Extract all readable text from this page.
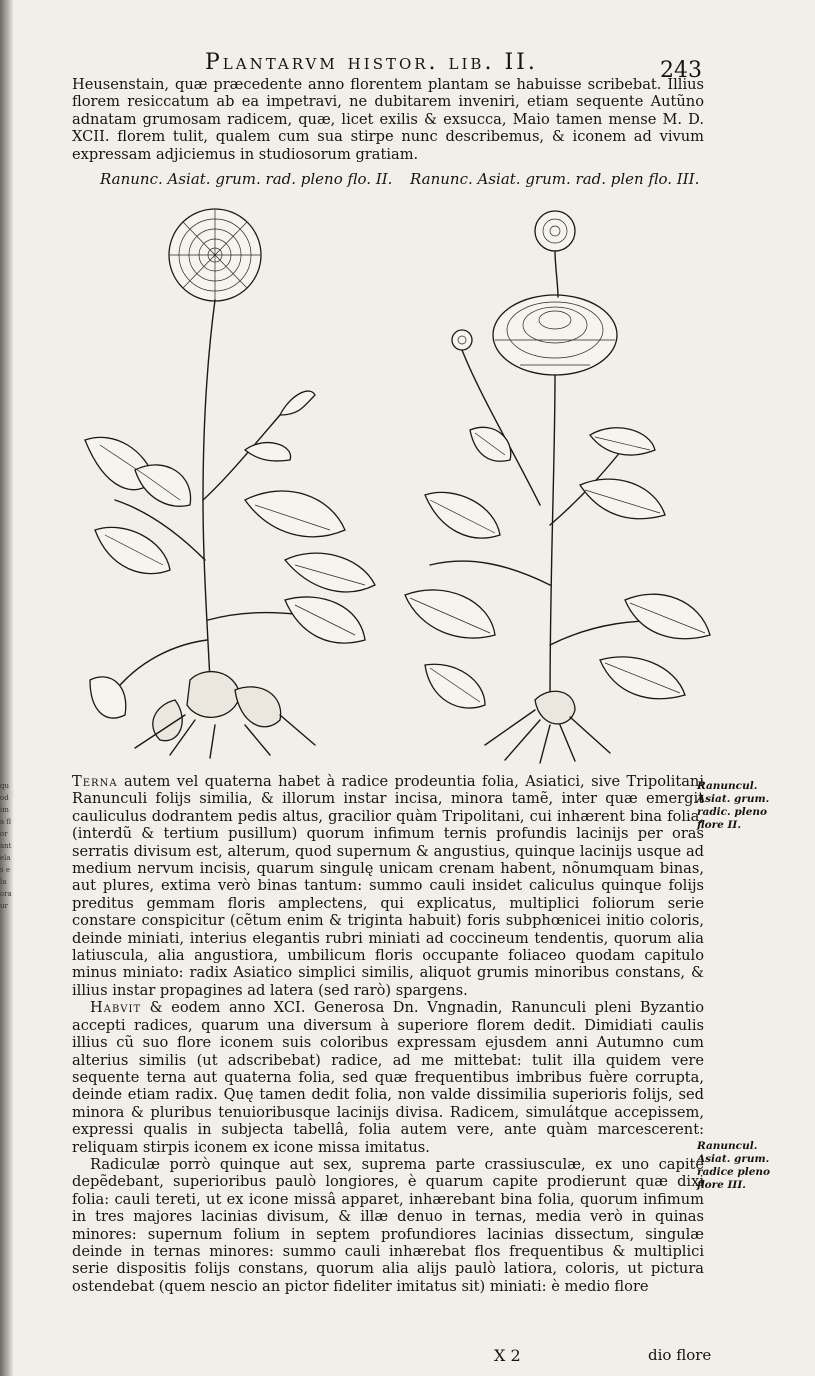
quod ima flor ant elas ela ora ur
Plantarvm histor. lib. II.	243

Heusenstain, quæ præcedente anno florentem plantam se habuisse scribebat. Illius florem resiccatum ab ea impetravi, ne dubitarem inveniri, etiam sequente Autũno adnatam grumosam radicem, quæ, licet exilis & exsucca, Maio tamen mense M. D. XCII. florem tulit, qualem cum sua stirpe nunc describemus, & iconem ad vivum expressam adjiciemus in studiosorum gratiam.

Ranunc. Asiat. grum. rad. pleno flo. II. Ranunc. Asiat. grum. rad. plen flo. III.

Terna autem vel quaterna habet à radice prodeuntia folia, Asiatici, sive Tripolitani Ranunculi folijs similia, & illorum instar incisa, minora tamẽ, inter quæ emergit cauliculus dodrantem pedis altus, gracilior quàm Tripolitani, cui inhærent bina folia, (interdũ & tertium pusillum) quorum infimum ternis profundis lacinijs per oras serratis divisum est, alterum, quod supernum & angustius, quinque lacinijs usque ad medium nervum incisis, quarum singulę unicam crenam habent, nõnumquam binas, aut plures, extima verò binas tantum: summo cauli insidet caliculus quinque folijs preditus gemmam floris amplectens, qui explicatus, multiplici foliorum serie constare conspicitur (cẽtum enim & triginta habuit) foris subphœnicei initio coloris, deinde miniati, interius elegantis rubri miniati ad coccineum tendentis, quorum alia latiuscula, alia angustiora, umbilicum floris occupante foliaceo quodam capitulo minus miniato: radix Asiatico simplici similis, aliquot grumis minoribus constans, & illius instar propagines ad latera (sed rarò) spargens.

Habvit & eodem anno XCI. Generosa Dn. Vngnadin, Ranunculi pleni Byzantio accepti radices, quarum una diversum à superiore florem dedit. Dimidiati caulis illius cũ suo flore iconem suis coloribus expressam ejusdem anni Autumno cum alterius similis (ut adscribebat) radice, ad me mittebat: tulit illa quidem vere sequente terna aut quaterna folia, sed quæ frequentibus imbribus fuère corrupta, deinde etiam radix. Quę tamen dedit folia, non valde dissimilia superioris folijs, sed minora & pluribus tenuioribusque lacinijs divisa. Radicem, simulátque accepissem, expressi qualis in subjecta tabellâ, folia autem vere, ante quàm marcescerent: reliquam stirpis iconem ex icone missa imitatus.

Radiculæ porrò quinque aut sex, suprema parte crassiusculæ, ex uno capite depẽdebant, superioribus paulò longiores, è quarum capite prodierunt quæ dixi folia: cauli tereti, ut ex icone missâ apparet, inhærebant bina folia, quorum infimum in tres majores lacinias divisum, & illæ denuo in ternas, media verò in quinas minores: supernum folium in septem profundiores lacinias dissectum, singulæ deinde in ternas minores: summo cauli inhærebat flos frequentibus & multiplici serie dispositis folijs constans, quorum alia alijs paulò latiora, coloris, ut pictura ostendebat (quem nescio an pictor fideliter imitatus sit) miniati: è medio flore

Ranuncul.
Asiat. grum.
radic. pleno
flore II.
Ranuncul.
Asiat. grum.
radice pleno
flore III.
X 2	dio flore
